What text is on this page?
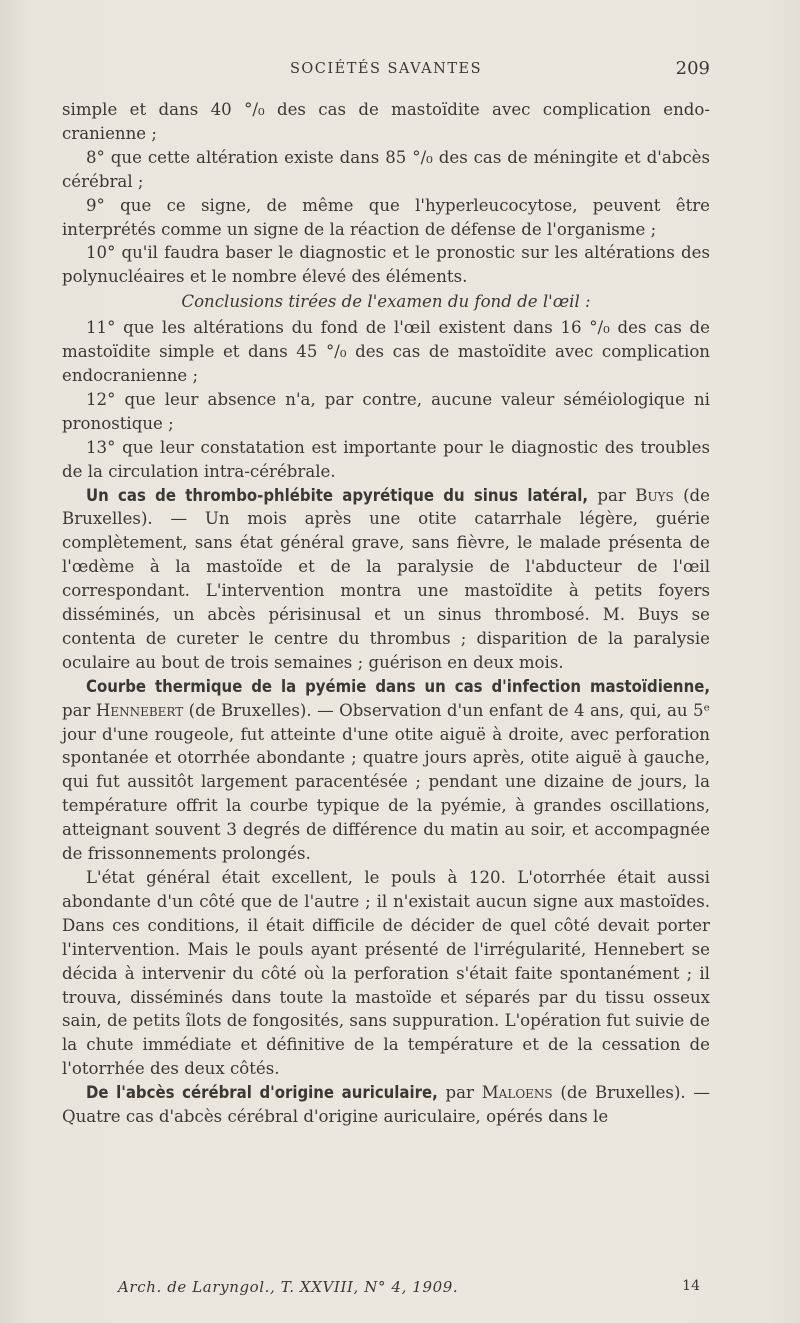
SOCIÉTÉS SAVANTES	209

simple et dans 40 °/₀ des cas de mastoïdite avec complication endo-cranienne ;

8° que cette altération existe dans 85 °/₀ des cas de méningite et d'abcès cérébral ;

9° que ce signe, de même que l'hyperleucocytose, peuvent être interprétés comme un signe de la réaction de défense de l'organisme ;

10° qu'il faudra baser le diagnostic et le pronostic sur les altérations des polynucléaires et le nombre élevé des éléments.

Conclusions tirées de l'examen du fond de l'œil :

11° que les altérations du fond de l'œil existent dans 16 °/₀ des cas de mastoïdite simple et dans 45 °/₀ des cas de mastoïdite avec complication endocranienne ;

12° que leur absence n'a, par contre, aucune valeur séméiologique ni pronostique ;

13° que leur constatation est importante pour le diagnostic des troubles de la circulation intra-cérébrale.

Un cas de thrombo-phlébite apyrétique du sinus latéral, par Buys (de Bruxelles). — Un mois après une otite catarrhale légère, guérie complètement, sans état général grave, sans fièvre, le malade présenta de l'œdème à la mastoïde et de la paralysie de l'abducteur de l'œil correspondant. L'intervention montra une mastoïdite à petits foyers disséminés, un abcès périsinusal et un sinus thrombosé. M. Buys se contenta de cureter le centre du thrombus ; disparition de la paralysie oculaire au bout de trois semaines ; guérison en deux mois.

Courbe thermique de la pyémie dans un cas d'infection mastoïdienne, par Hennebert (de Bruxelles). — Observation d'un enfant de 4 ans, qui, au 5ᵉ jour d'une rougeole, fut atteinte d'une otite aiguë à droite, avec perforation spontanée et otorrhée abondante ; quatre jours après, otite aiguë à gauche, qui fut aussitôt largement paracentésée ; pendant une dizaine de jours, la température offrit la courbe typique de la pyémie, à grandes oscillations, atteignant souvent 3 degrés de différence du matin au soir, et accompagnée de frissonnements prolongés.

L'état général était excellent, le pouls à 120. L'otorrhée était aussi abondante d'un côté que de l'autre ; il n'existait aucun signe aux mastoïdes. Dans ces conditions, il était difficile de décider de quel côté devait porter l'intervention. Mais le pouls ayant présenté de l'irrégularité, Hennebert se décida à intervenir du côté où la perforation s'était faite spontanément ; il trouva, disséminés dans toute la mastoïde et séparés par du tissu osseux sain, de petits îlots de fongosités, sans suppuration. L'opération fut suivie de la chute immédiate et définitive de la température et de la cessation de l'otorrhée des deux côtés.

De l'abcès cérébral d'origine auriculaire, par Maloens (de Bruxelles). — Quatre cas d'abcès cérébral d'origine auriculaire, opérés dans le

Arch. de Laryngol., T. XXVIII, N° 4, 1909.	14
